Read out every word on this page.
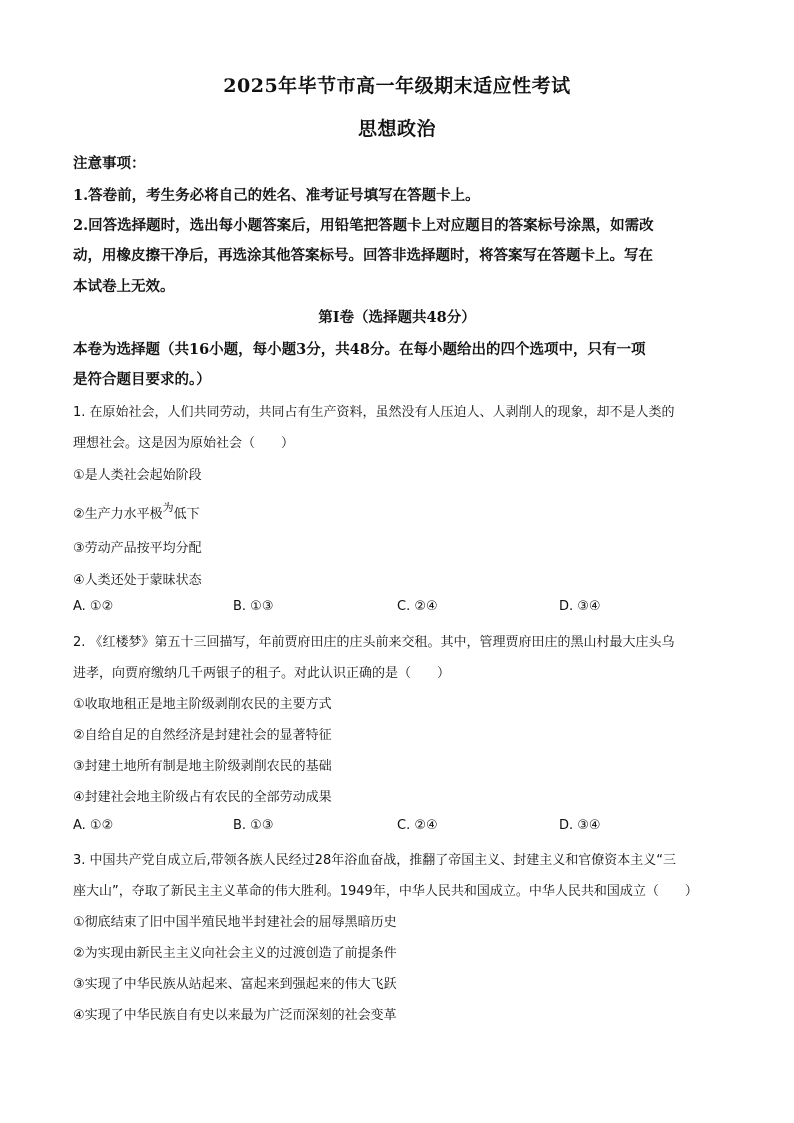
2025年毕节市高一年级期末适应性考试
思想政治
注意事项：
1.答卷前，考生务必将自己的姓名、准考证号填写在答题卡上。
2.回答选择题时，选出每小题答案后，用铅笔把答题卡上对应题目的答案标号涂黑，如需改
动，用橡皮擦干净后，再选涂其他答案标号。回答非选择题时，将答案写在答题卡上。写在
本试卷上无效。
第Ⅰ卷（选择题共48分）
本卷为选择题（共16小题，每小题3分，共48分。在每小题给出的四个选项中，只有一项
是符合题目要求的。）
1. 在原始社会，人们共同劳动，共同占有生产资料，虽然没有人压迫人、人剥削人的现象，却不是人类的
理想社会。这是因为原始社会（　　）
①是人类社会起始阶段
②生产力水平极$^为$低下
③劳动产品按平均分配
④人类还处于蒙昧状态
A. ①②	B. ①③	C. ②④	D. ③④
2. 《红楼梦》第五十三回描写，年前贾府田庄的庄头前来交租。其中，管理贾府田庄的黑山村最大庄头乌
进孝，向贾府缴纳几千两银子的租子。对此认识正确的是（　　）
①收取地租正是地主阶级剥削农民的主要方式
②自给自足的自然经济是封建社会的显著特征
③封建土地所有制是地主阶级剥削农民的基础
④封建社会地主阶级占有农民的全部劳动成果
A. ①②	B. ①③	C. ②④	D. ③④
3. 中国共产党自成立后,带领各族人民经过28年浴血奋战，推翻了帝国主义、封建主义和官僚资本主义“三
座大山”，夺取了新民主主义革命的伟大胜利。1949年，中华人民共和国成立。中华人民共和国成立（　　）
①彻底结束了旧中国半殖民地半封建社会的屈辱黑暗历史
②为实现由新民主主义向社会主义的过渡创造了前提条件
③实现了中华民族从站起来、富起来到强起来的伟大飞跃
④实现了中华民族自有史以来最为广泛而深刻的社会变革
